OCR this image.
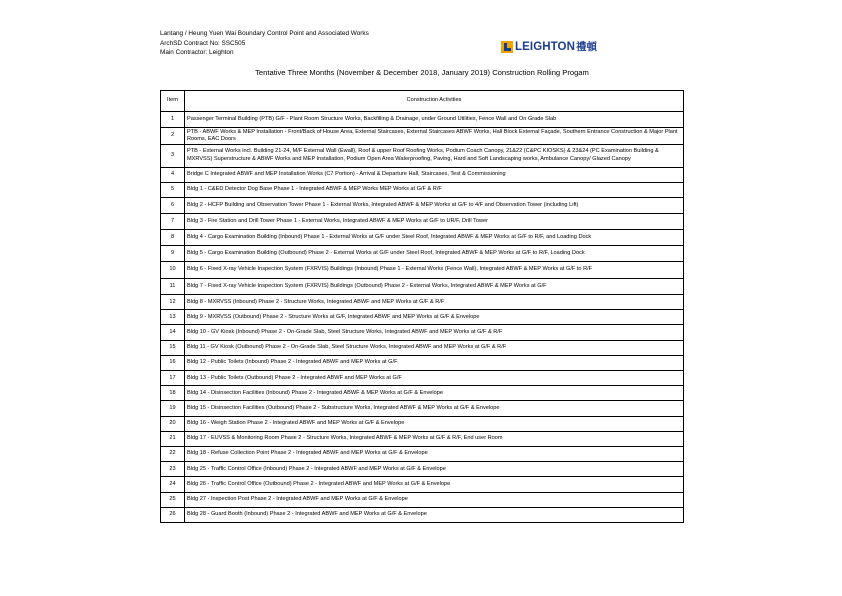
Lantang / Heung Yuen Wai Boundary Control Point and Associated Works
ArchSD Contract No: SSC505
Main Contractor: Leighton
LEIGHTON 禮頓
Tentative Three Months (November & December 2018, January 2019) Construction Rolling Progam
Item	Construction Activities
1	Passenger Terminal Building (PTB) G/F - Plant Room Structure Works, Backfilling & Drainage, under Ground Utilities, Fence Wall and On Grade Slab
2	PTB - ABWF Works & MEP Installation - Front/Back of House Area, External Staircases, External Staircases ABWF Works, Hall Block External Façade, Southern Entrance Construction & Major Plant Rooms, EAC Doors
3	PTB - External Works incl. Building 21-24, M/F External Wall (Ewall), Roof & upper Roof Roofing Works, Podium Coach Canopy, 21&22 (C&PC KIOSKS) & 23&24 (PC Examination Building & MXRVSS) Superstructure & ABWF Works and MEP Installation, Podium Open Area Waterproofing, Paving, Hard and Soft Landscaping works, Ambulance Canopy/ Glazed Canopy
4	Bridge C Integrated ABWF and MEP Installation Works (C7 Portion) - Arrival & Departure Hall, Staircases, Test & Commissioning
5	Bldg 1 - C&ED Detector Dog Base Phase 1 - Integrated ABWF & MEP Works MEP Works at G/F & R/F
6	Bldg 2 - HCFP Building and Observation Tower Phase 1 - External Works, Integrated ABWF & MEP Works at G/F to 4/F and Observation Tower (including Lift)
7	Bldg 3 - Fire Station and Drill Tower Phase 1 - External Works, Integrated ABWF & MEP Works at G/F to UR/F, Drill Tower
8	Bldg 4 - Cargo Examination Building (Inbound) Phase 1 - External Works at G/F under Steel Roof, Integrated ABWF & MEP Works at G/F to R/F, and Loading Dock
9	Bldg 5 - Cargo Examination Building (Outbound) Phase 2 - External Works at G/F under Steel Roof, Integrated ABWF & MEP Works at G/F to R/F, Loading Dock
10	Bldg 6 - Fixed X-ray Vehicle Inspection System (FXRVIS) Buildings (Inbound) Phase 1 - External Works (Fence Wall), Integrated ABWF & MEP Works at G/F to R/F
11	Bldg 7 - Fixed X-ray Vehicle Inspection System (FXRVIS) Buildings (Outbound) Phase 2 - External Works, Integrated ABWF & MEP Works at G/F
12	Bldg 8 - MXRVSS (Inbound) Phase 2 - Structure Works, Integrated ABWF and MEP Works at G/F & R/F
13	Bldg 9 - MXRVSS (Outbound) Phase 2 - Structure Works at G/F, Integrated ABWF and MEP Works at G/F & Envelope
14	Bldg 10 - GV Kiosk (Inbound) Phase 2 - On-Grade Slab, Steel Structure Works, Integrated ABWF and MEP Works at G/F & R/F
15	Bldg 11 - GV Kiosk (Outbound) Phase 2 - On-Grade Slab, Steel Structure Works, Integrated ABWF and MEP Works at G/F & R/F
16	Bldg 12 - Public Toilets (Inbound) Phase 2 - Integrated ABWF and MEP Works at G/F
17	Bldg 13 - Public Toilets (Outbound) Phase 2 - Integrated ABWF and MEP Works at G/F
18	Bldg 14 - Disinsection Facilities (Inbound) Phase 2 - Integrated ABWF & MEP Works at G/F & Envelope
19	Bldg 15 - Disinsection Facilities (Outbound) Phase 2 - Substructure Works, Integrated ABWF & MEP Works at G/F & Envelope
20	Bldg 16 - Weigh Station Phase 2 - Integrated ABWF and MEP Works at G/F & Envelope
21	Bldg 17 - EUVSS & Monitoring Room Phase 2 - Structure Works, Integrated ABWF & MEP Works at G/F & R/F, End user Room
22	Bldg 18 - Refuse Collection Point Phase 2 - Integrated ABWF and MEP Works at G/F & Envelope
23	Bldg 25 - Traffic Control Office (Inbound) Phase 2 - Integrated ABWF and MEP Works at G/F & Envelope
24	Bldg 26 - Traffic Control Office (Outbound) Phase 2 - Integrated ABWF and MEP Works at G/F & Envelope
25	Bldg 27 - Inspection Post Phase 2 - Integrated ABWF and MEP Works at G/F & Envelope
26	Bldg 28 - Guard Booth (Inbound) Phase 2 - Integrated ABWF and MEP Works at G/F & Envelope
